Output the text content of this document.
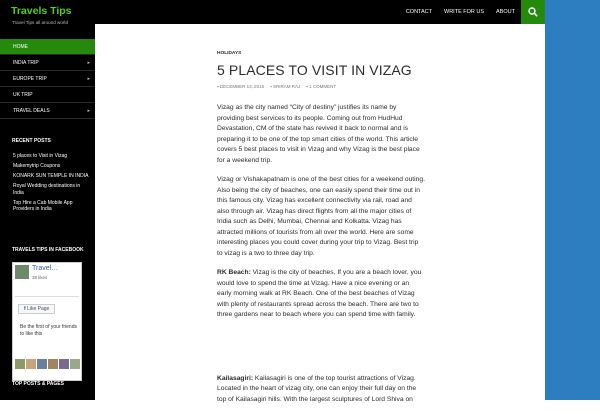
Travels Tips	CONTACT	WRITE FOR US	ABOUT
Travel Tips all around world
HOME
INDIA TRIP	▸
EUROPE TRIP	▸
UK TRIP
TRAVEL DEALS	▸
RECENT POSTS
5 places to Visit in Vizag
Makemytrip Coupons
KONARK SUN TEMPLE IN INDIA
Royal Wedding destinations in India
Top Hire a Cab Mobile App Providers in India
TRAVELS TIPS IN FACEBOOK
Travel…
38 likes
f Like Page
Be the first of your friends to like this
TOP POSTS & PAGES
HOLIDAYS
5 PLACES TO VISIT IN VIZAG
▪ DECEMBER 13, 2015 ▪ SRIRAM RAJ ▪ 1 COMMENT

Vizag as the city named “City of destiny” justifies its name by providing best services to its people. Coming out from HudHud Devastation, CM of the state has revived it back to normal and is preparing it to be one of the top smart cities of the world. This article covers 5 best places to visit in Vizag and why Vizag is the best place for a weekend trip.

Vizag or Vishakapatnam is one of the best cities for a weekend outing. Also being the city of beaches, one can easily spend their time out in this famous city. Vizag has excellent connectivity via rail, road and also through air. Vizag has direct flights from all the major cities of India such as Delhi, Mumbai, Chennai and Kolkatta. Vizag has attracted millions of tourists from all over the world. Here are some interesting places you could cover during your trip to Vizag. Best trip to vizag is a two to three day trip.

RK Beach: Vizag is the city of beaches. If you are a beach lover, you would love to spend the time at Vizag. Have a nice evening or an early morning walk at RK Beach. One of the best beaches of Vizag with plenty of restaurants spread across the beach. There are two to three gardens near to beach where you can spend time with family.

Kailasagiri: Kailasagiri is one of the top tourist attractions of Vizag. Located in the heart of vizag city, one can enjoy their full day on the top of Kailasagiri hills. With the largest sculptures of Lord Shiva on
